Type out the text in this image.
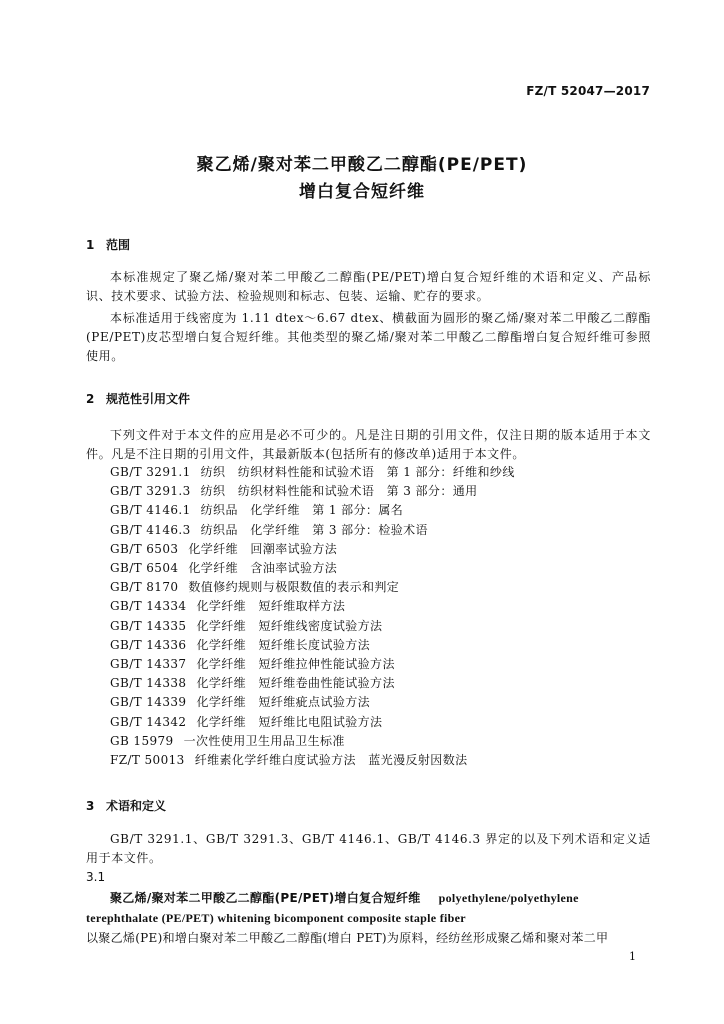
FZ/T 52047—2017
聚乙烯/聚对苯二甲酸乙二醇酯(PE/PET)
增白复合短纤维
1 范围
本标准规定了聚乙烯/聚对苯二甲酸乙二醇酯(PE/PET)增白复合短纤维的术语和定义、产品标识、技术要求、试验方法、检验规则和标志、包装、运输、贮存的要求。
本标准适用于线密度为 1.11 dtex～6.67 dtex、横截面为圆形的聚乙烯/聚对苯二甲酸乙二醇酯(PE/PET)皮芯型增白复合短纤维。其他类型的聚乙烯/聚对苯二甲酸乙二醇酯增白复合短纤维可参照使用。
2 规范性引用文件
下列文件对于本文件的应用是必不可少的。凡是注日期的引用文件，仅注日期的版本适用于本文件。凡是不注日期的引用文件，其最新版本(包括所有的修改单)适用于本文件。
GB/T 3291.1 纺织　纺织材料性能和试验术语　第 1 部分：纤维和纱线
GB/T 3291.3 纺织　纺织材料性能和试验术语　第 3 部分：通用
GB/T 4146.1 纺织品　化学纤维　第 1 部分：属名
GB/T 4146.3 纺织品　化学纤维　第 3 部分：检验术语
GB/T 6503 化学纤维　回潮率试验方法
GB/T 6504 化学纤维　含油率试验方法
GB/T 8170 数值修约规则与极限数值的表示和判定
GB/T 14334 化学纤维　短纤维取样方法
GB/T 14335 化学纤维　短纤维线密度试验方法
GB/T 14336 化学纤维　短纤维长度试验方法
GB/T 14337 化学纤维　短纤维拉伸性能试验方法
GB/T 14338 化学纤维　短纤维卷曲性能试验方法
GB/T 14339 化学纤维　短纤维疵点试验方法
GB/T 14342 化学纤维　短纤维比电阻试验方法
GB 15979 一次性使用卫生用品卫生标准
FZ/T 50013 纤维素化学纤维白度试验方法　蓝光漫反射因数法
3 术语和定义
GB/T 3291.1、GB/T 3291.3、GB/T 4146.1、GB/T 4146.3 界定的以及下列术语和定义适用于本文件。
3.1
聚乙烯/聚对苯二甲酸乙二醇酯(PE/PET)增白复合短纤维 polyethylene/polyethylene terephthalate (PE/PET) whitening bicomponent composite staple fiber
以聚乙烯(PE)和增白聚对苯二甲酸乙二醇酯(增白 PET)为原料，经纺丝形成聚乙烯和聚对苯二甲
1
